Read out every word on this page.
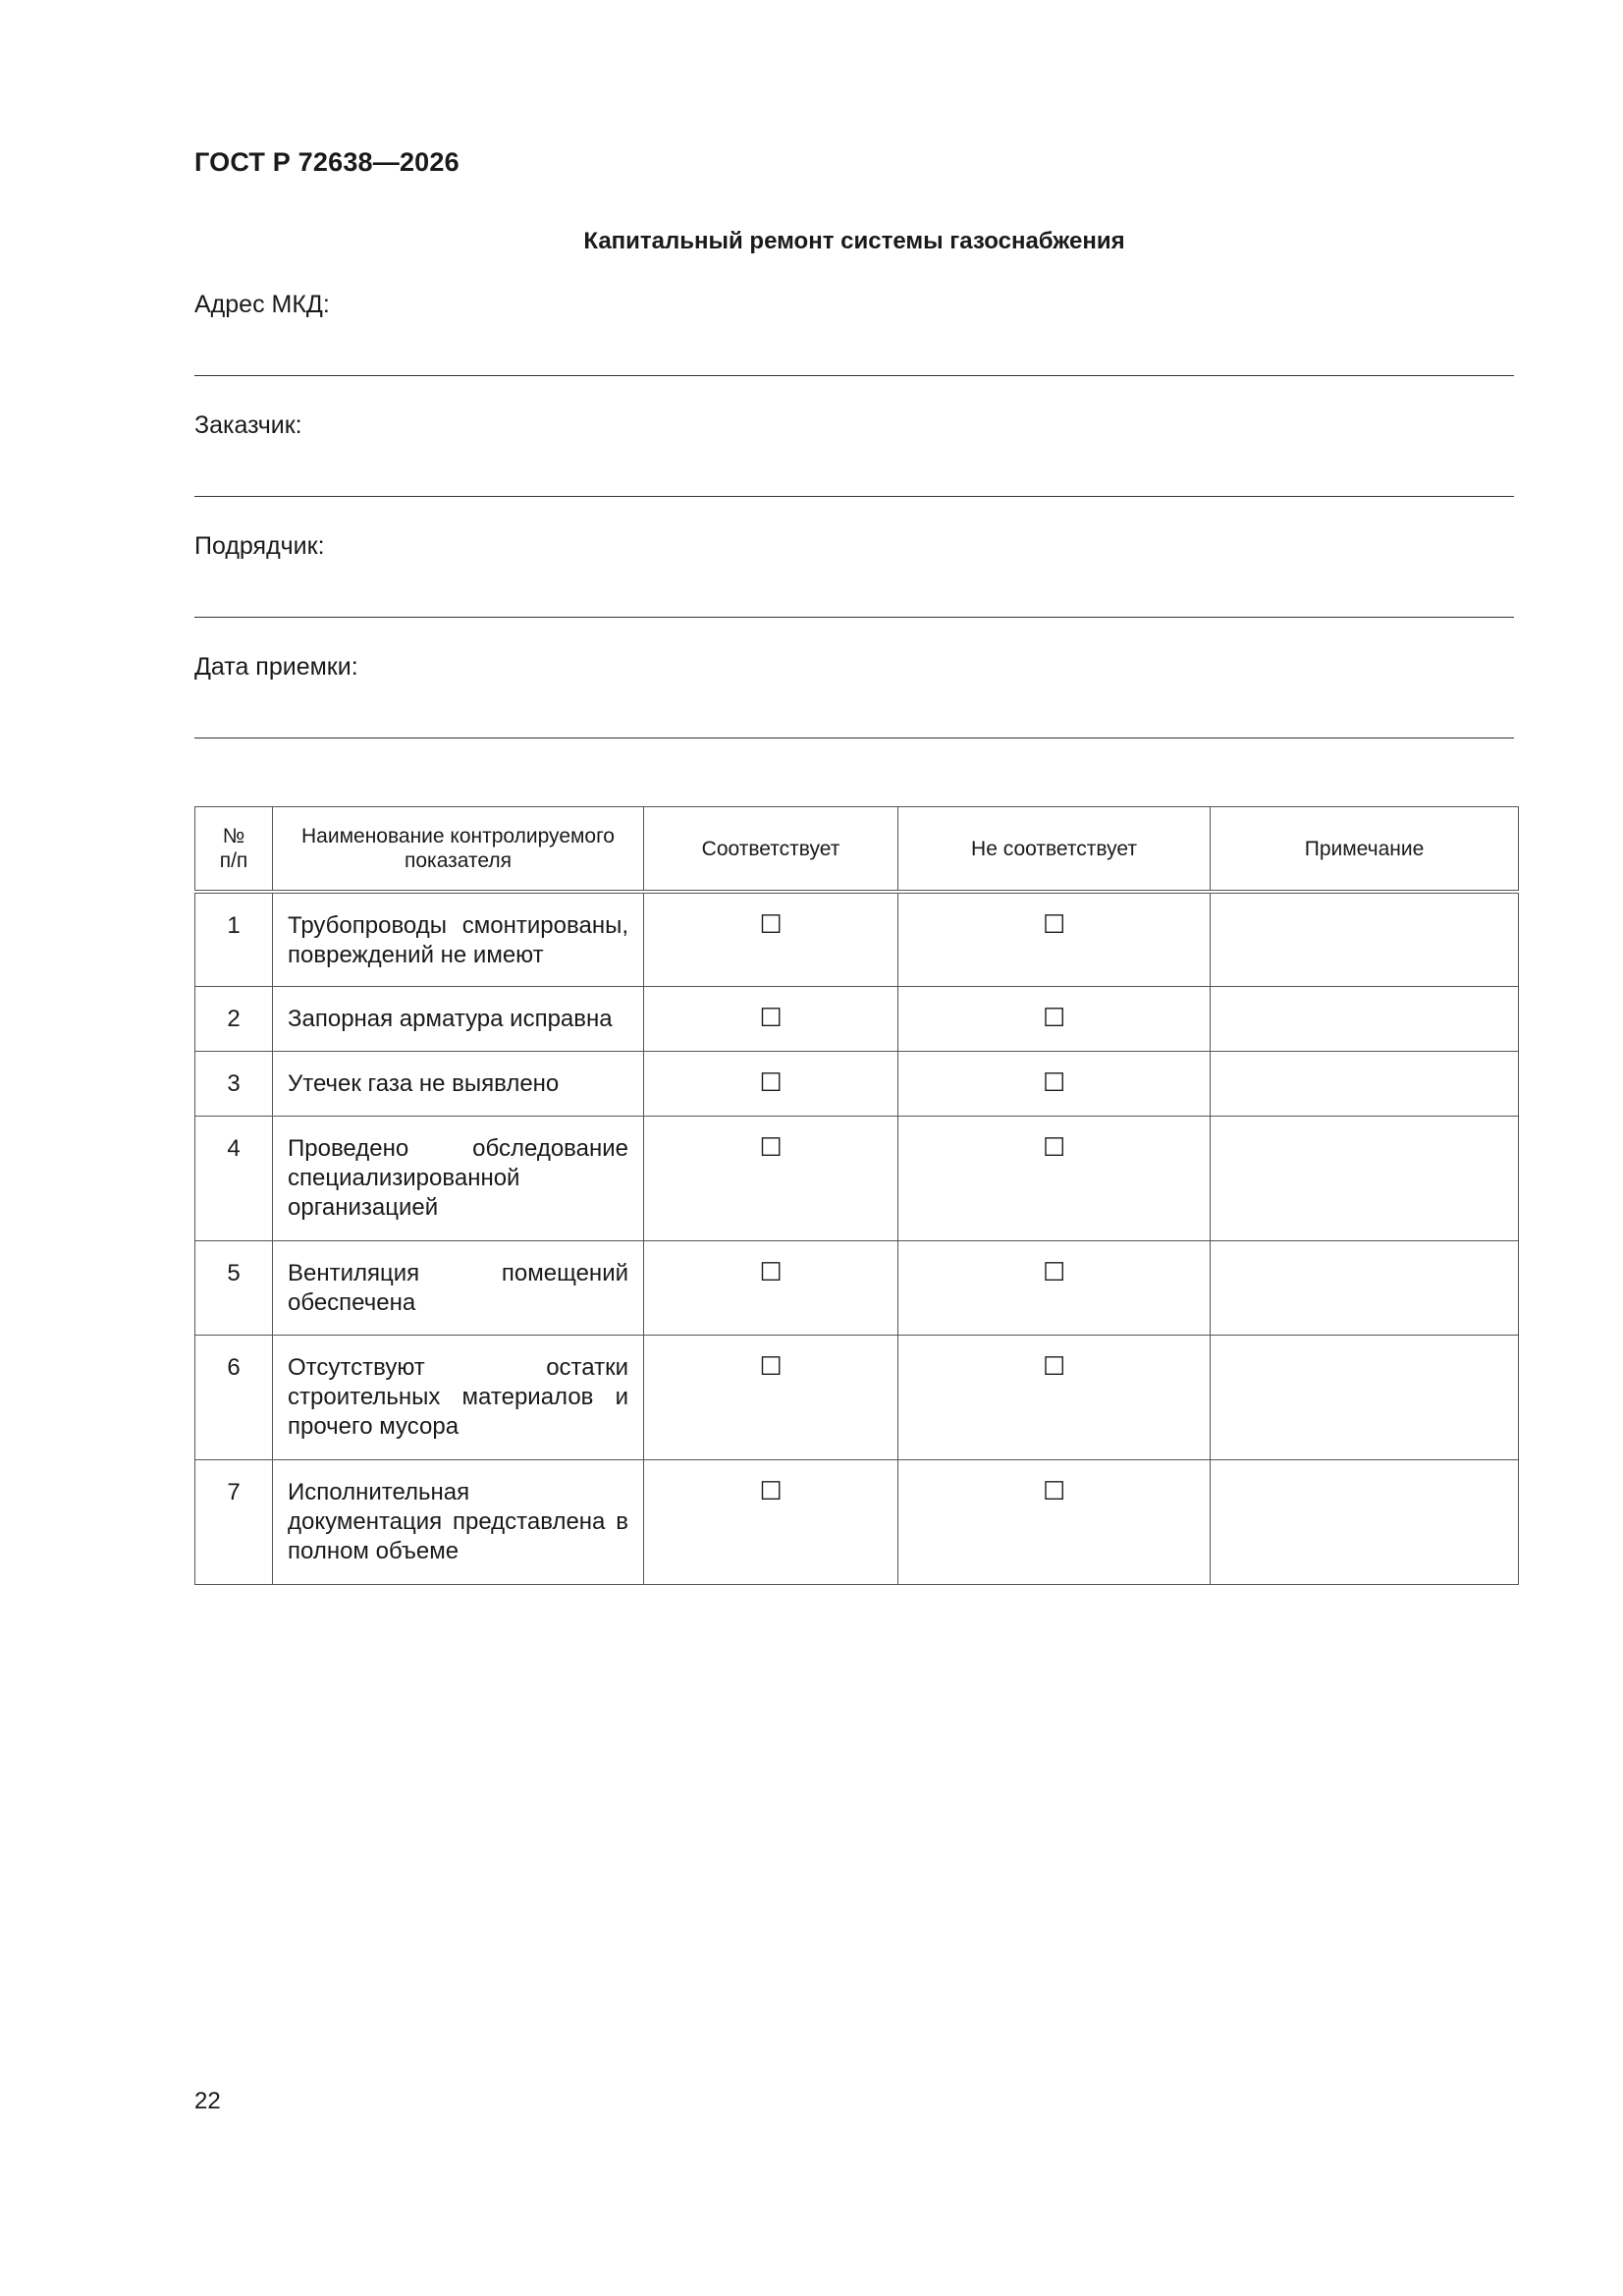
ГОСТ Р 72638—2026
Капитальный ремонт системы газоснабжения
Адрес МКД:
Заказчик:
Подрядчик:
Дата приемки:
№
п/п	Наименование контролируемого показателя	Соответствует	Не соответствует	Примечание
1	Трубопроводы смонтированы, повреждений не имеют	☐	☐	
2	Запорная арматура исправна	☐	☐	
3	Утечек газа не выявлено	☐	☐	
4	Проведено обследование специализированной организацией	☐	☐	
5	Вентиляция помещений обеспечена	☐	☐	
6	Отсутствуют остатки строительных материалов и прочего мусора	☐	☐	
7	Исполнительная документация представлена в полном объеме	☐	☐	
22
